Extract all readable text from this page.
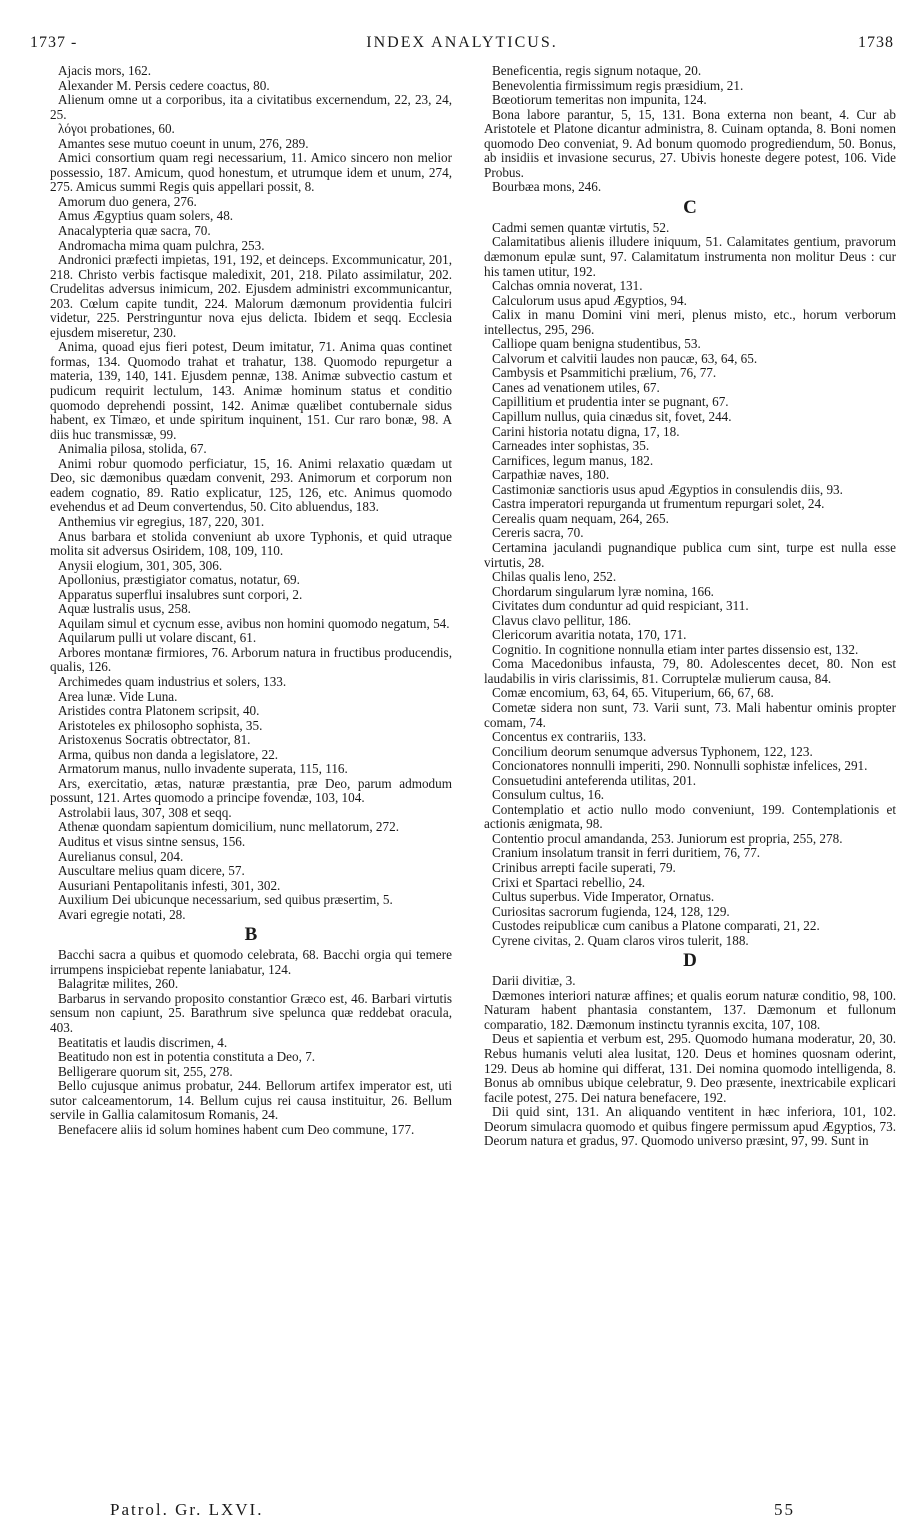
1737 -	INDEX ANALYTICUS.	1738
Ajacis mors, 162.
Alexander M. Persis cedere coactus, 80.
Alienum omne ut a corporibus, ita a civitatibus excernendum, 22, 23, 24, 25.
λόγοι probationes, 60.
Amantes sese mutuo coeunt in unum, 276, 289.
Amici consortium quam regi necessarium, 11. Amico sincero non melior possessio, 187. Amicum, quod honestum, et utrumque idem et unum, 274, 275. Amicus summi Regis quis appellari possit, 8.
Amorum duo genera, 276.
Amus Ægyptius quam solers, 48.
Anacalypteria quæ sacra, 70.
Andromacha mima quam pulchra, 253.
Andronici præfecti impietas, 191, 192, et deinceps. Excommunicatur, 201, 218. Christo verbis factisque maledixit, 201, 218. Pilato assimilatur, 202. Crudelitas adversus inimicum, 202. Ejusdem administri excommunicantur, 203. Cœlum capite tundit, 224. Malorum dæmonum providentia fulciri videtur, 225. Perstringuntur nova ejus delicta. Ibidem et seqq. Ecclesia ejusdem miseretur, 230.
Anima, quoad ejus fieri potest, Deum imitatur, 71. Anima quas continet formas, 134. Quomodo trahat et trahatur, 138. Quomodo repurgetur a materia, 139, 140, 141. Ejusdem pennæ, 138. Animæ subvectio castum et pudicum requirit lectulum, 143. Animæ hominum status et conditio quomodo deprehendi possint, 142. Animæ quælibet contubernale sidus habent, ex Timæo, et unde spiritum inquinent, 151. Cur raro bonæ, 98. A diis huc transmissæ, 99.
Animalia pilosa, stolida, 67.
Animi robur quomodo perficiatur, 15, 16. Animi relaxatio quædam ut Deo, sic dæmonibus quædam convenit, 293. Animorum et corporum non eadem cognatio, 89. Ratio explicatur, 125, 126, etc. Animus quomodo evehendus et ad Deum convertendus, 50. Cito abluendus, 183.
Anthemius vir egregius, 187, 220, 301.
Anus barbara et stolida conveniunt ab uxore Typhonis, et quid utraque molita sit adversus Osiridem, 108, 109, 110.
Anysii elogium, 301, 305, 306.
Apollonius, præstigiator comatus, notatur, 69.
Apparatus superflui insalubres sunt corpori, 2.
Aquæ lustralis usus, 258.
Aquilam simul et cycnum esse, avibus non homini quomodo negatum, 54.
Aquilarum pulli ut volare discant, 61.
Arbores montanæ firmiores, 76. Arborum natura in fructibus producendis, qualis, 126.
Archimedes quam industrius et solers, 133.
Area lunæ. Vide Luna.
Aristides contra Platonem scripsit, 40.
Aristoteles ex philosopho sophista, 35.
Aristoxenus Socratis obtrectator, 81.
Arma, quibus non danda a legislatore, 22.
Armatorum manus, nullo invadente superata, 115, 116.
Ars, exercitatio, ætas, naturæ præstantia, præ Deo, parum admodum possunt, 121. Artes quomodo a principe fovendæ, 103, 104.
Astrolabii laus, 307, 308 et seqq.
Athenæ quondam sapientum domicilium, nunc mellatorum, 272.
Auditus et visus sintne sensus, 156.
Aurelianus consul, 204.
Auscultare melius quam dicere, 57.
Ausuriani Pentapolitanis infesti, 301, 302.
Auxilium Dei ubicunque necessarium, sed quibus præsertim, 5.
Avari egregie notati, 28.
B
Bacchi sacra a quibus et quomodo celebrata, 68. Bacchi orgia qui temere irrumpens inspiciebat repente laniabatur, 124.
Balagritæ milites, 260.
Barbarus in servando proposito constantior Græco est, 46. Barbari virtutis sensum non capiunt, 25. Barathrum sive spelunca quæ reddebat oracula, 403.
Beatitatis et laudis discrimen, 4.
Beatitudo non est in potentia constituta a Deo, 7.
Belligerare quorum sit, 255, 278.
Bello cujusque animus probatur, 244. Bellorum artifex imperator est, uti sutor calceamentorum, 14. Bellum cujus rei causa instituitur, 26. Bellum servile in Gallia calamitosum Romanis, 24.
Benefacere aliis id solum homines habent cum Deo commune, 177.
Beneficentia, regis signum notaque, 20.
Benevolentia firmissimum regis præsidium, 21.
Bœotiorum temeritas non impunita, 124.
Bona labore parantur, 5, 15, 131. Bona externa non beant, 4. Cur ab Aristotele et Platone dicantur administra, 8. Cuinam optanda, 8. Boni nomen quomodo Deo conveniat, 9. Ad bonum quomodo progrediendum, 50. Bonus, ab insidiis et invasione securus, 27. Ubivis honeste degere potest, 106. Vide Probus.
Bourbæa mons, 246.
C
Cadmi semen quantæ virtutis, 52.
Calamitatibus alienis illudere iniquum, 51. Calamitates gentium, pravorum dæmonum epulæ sunt, 97. Calamitatum instrumenta non molitur Deus : cur his tamen utitur, 192.
Calchas omnia noverat, 131.
Calculorum usus apud Ægyptios, 94.
Calix in manu Domini vini meri, plenus misto, etc., horum verborum intellectus, 295, 296.
Calliope quam benigna studentibus, 53.
Calvorum et calvitii laudes non paucæ, 63, 64, 65.
Cambysis et Psammitichi prælium, 76, 77.
Canes ad venationem utiles, 67.
Capillitium et prudentia inter se pugnant, 67.
Capillum nullus, quia cinædus sit, fovet, 244.
Carini historia notatu digna, 17, 18.
Carneades inter sophistas, 35.
Carnifices, legum manus, 182.
Carpathiæ naves, 180.
Castimoniæ sanctioris usus apud Ægyptios in consulendis diis, 93.
Castra imperatori repurganda ut frumentum repurgari solet, 24.
Cerealis quam nequam, 264, 265.
Cereris sacra, 70.
Certamina jaculandi pugnandique publica cum sint, turpe est nulla esse virtutis, 28.
Chilas qualis leno, 252.
Chordarum singularum lyræ nomina, 166.
Civitates dum conduntur ad quid respiciant, 311.
Clavus clavo pellitur, 186.
Clericorum avaritia notata, 170, 171.
Cognitio. In cognitione nonnulla etiam inter partes dissensio est, 132.
Coma Macedonibus infausta, 79, 80. Adolescentes decet, 80. Non est laudabilis in viris clarissimis, 81. Corruptelæ mulierum causa, 84.
Comæ encomium, 63, 64, 65. Vituperium, 66, 67, 68.
Cometæ sidera non sunt, 73. Varii sunt, 73. Mali habentur ominis propter comam, 74.
Concentus ex contrariis, 133.
Concilium deorum senumque adversus Typhonem, 122, 123.
Concionatores nonnulli imperiti, 290. Nonnulli sophistæ infelices, 291.
Consuetudini anteferenda utilitas, 201.
Consulum cultus, 16.
Contemplatio et actio nullo modo conveniunt, 199. Contemplationis et actionis ænigmata, 98.
Contentio procul amandanda, 253. Juniorum est propria, 255, 278.
Cranium insolatum transit in ferri duritiem, 76, 77.
Crinibus arrepti facile superati, 79.
Crixi et Spartaci rebellio, 24.
Cultus superbus. Vide Imperator, Ornatus.
Curiositas sacrorum fugienda, 124, 128, 129.
Custodes reipublicæ cum canibus a Platone comparati, 21, 22.
Cyrene civitas, 2. Quam claros viros tulerit, 188.
D
Darii divitiæ, 3.
Dæmones interiori naturæ affines; et qualis eorum naturæ conditio, 98, 100. Naturam habent phantasia constantem, 137. Dæmonum et fullonum comparatio, 182. Dæmonum instinctu tyrannis excita, 107, 108.
Deus et sapientia et verbum est, 295. Quomodo humana moderatur, 20, 30. Rebus humanis veluti alea lusitat, 120. Deus et homines quosnam oderint, 129. Deus ab homine qui differat, 131. Dei nomina quomodo intelligenda, 8. Bonus ab omnibus ubique celebratur, 9. Deo præsente, inextricabile explicari facile potest, 275. Dei natura benefacere, 192.
Dii quid sint, 131. An aliquando ventitent in hæc inferiora, 101, 102. Deorum simulacra quomodo et quibus fingere permissum apud Ægyptios, 73. Deorum natura et gradus, 97. Quomodo universo præsint, 97, 99. Sunt in
Patrol. Gr. LXVI.	55
